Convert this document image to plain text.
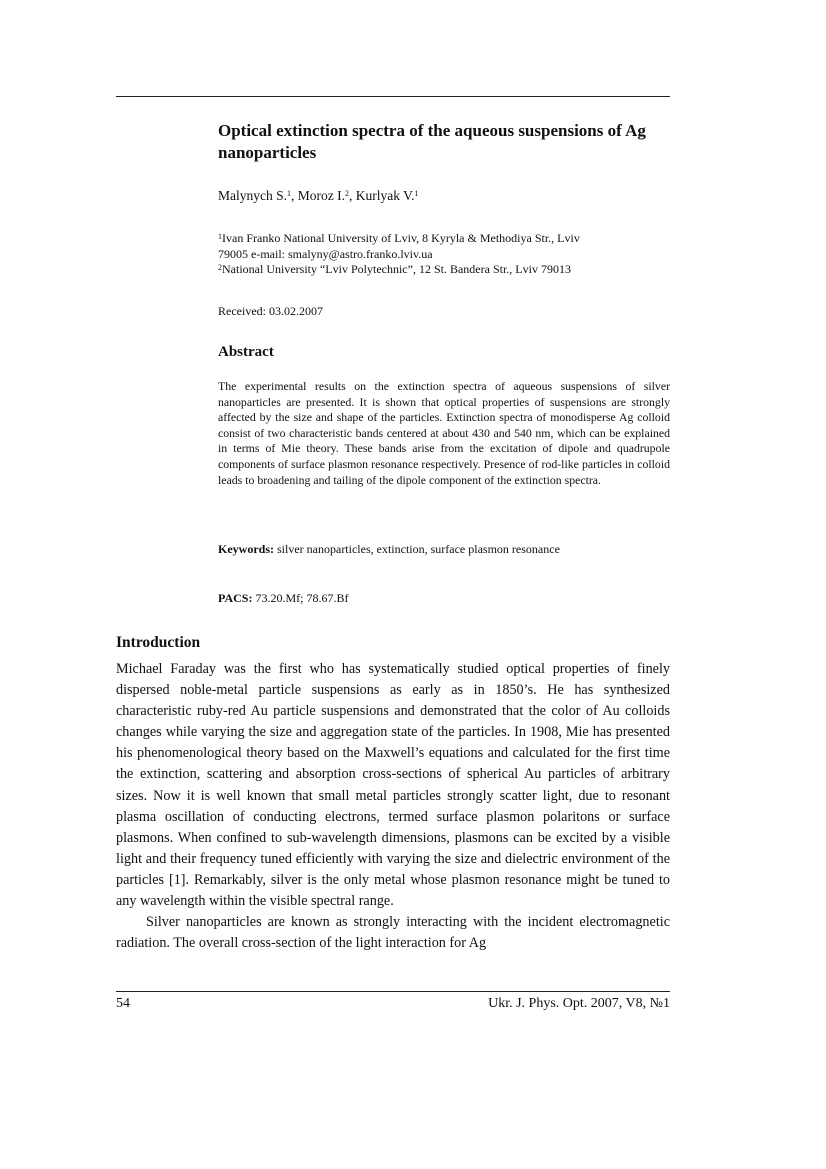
Optical extinction spectra of the aqueous suspensions of Ag nanoparticles
Malynych S.$^1$, Moroz I.$^2$, Kurlyak V.$^1$
$^1$Ivan Franko National University of Lviv, 8 Kyryla & Methodiya Str., Lviv
79005 e-mail: smalyny@astro.franko.lviv.ua
$^2$National University “Lviv Polytechnic”, 12 St. Bandera Str., Lviv 79013
Received: 03.02.2007
Abstract

The experimental results on the extinction spectra of aqueous suspensions of silver nanoparticles are presented. It is shown that optical properties of suspensions are strongly affected by the size and shape of the particles. Extinction spectra of monodisperse Ag colloid consist of two characteristic bands centered at about 430 and 540 nm, which can be explained in terms of Mie theory. These bands arise from the excitation of dipole and quadrupole components of surface plasmon resonance respectively. Presence of rod-like particles in colloid leads to broadening and tailing of the dipole component of the extinction spectra.

Keywords: silver nanoparticles, extinction, surface plasmon resonance
PACS: 73.20.Mf; 78.67.Bf
Introduction

Michael Faraday was the first who has systematically studied optical properties of finely dispersed noble-metal particle suspensions as early as in 1850’s. He has synthesized characteristic ruby-red Au particle suspensions and demonstrated that the color of Au colloids changes while varying the size and aggregation state of the particles. In 1908, Mie has presented his phenomenological theory based on the Maxwell’s equations and calculated for the first time the extinction, scattering and absorption cross-sections of spherical Au particles of arbitrary sizes. Now it is well known that small metal particles strongly scatter light, due to resonant plasma oscillation of conducting electrons, termed surface plasmon polaritons or surface plasmons. When confined to sub-wavelength dimensions, plasmons can be excited by a visible light and their frequency tuned efficiently with varying the size and dielectric environment of the particles [1]. Remarkably, silver is the only metal whose plasmon resonance might be tuned to any wavelength within the visible spectral range.

Silver nanoparticles are known as strongly interacting with the incident electromagnetic radiation. The overall cross-section of the light interaction for Ag

54	Ukr. J. Phys. Opt. 2007, V8, №1
